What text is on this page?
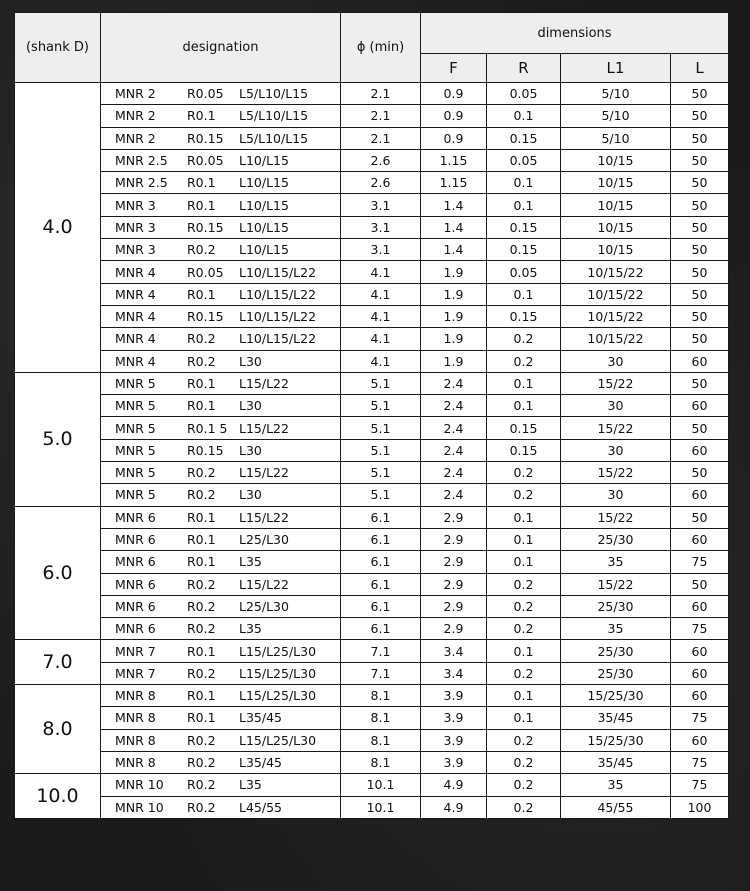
(shank D)	designation	ϕ (min)	dimensions			
			F	R	L1	L
4.0	MNR 2 R0.05 L5/L10/L15	2.1	0.9	0.05	5/10	50
	MNR 2 R0.1 L5/L10/L15	2.1	0.9	0.1	5/10	50
	MNR 2 R0.15 L5/L10/L15	2.1	0.9	0.15	5/10	50
	MNR 2.5 R0.05 L10/L15	2.6	1.15	0.05	10/15	50
	MNR 2.5 R0.1 L10/L15	2.6	1.15	0.1	10/15	50
	MNR 3 R0.1 L10/L15	3.1	1.4	0.1	10/15	50
	MNR 3 R0.15 L10/L15	3.1	1.4	0.15	10/15	50
	MNR 3 R0.2 L10/L15	3.1	1.4	0.15	10/15	50
	MNR 4 R0.05 L10/L15/L22	4.1	1.9	0.05	10/15/22	50
	MNR 4 R0.1 L10/L15/L22	4.1	1.9	0.1	10/15/22	50
	MNR 4 R0.15 L10/L15/L22	4.1	1.9	0.15	10/15/22	50
	MNR 4 R0.2 L10/L15/L22	4.1	1.9	0.2	10/15/22	50
	MNR 4 R0.2 L30	4.1	1.9	0.2	30	60
5.0	MNR 5 R0.1 L15/L22	5.1	2.4	0.1	15/22	50
	MNR 5 R0.1 L30	5.1	2.4	0.1	30	60
	MNR 5 R0.1 5 L15/L22	5.1	2.4	0.15	15/22	50
	MNR 5 R0.15 L30	5.1	2.4	0.15	30	60
	MNR 5 R0.2 L15/L22	5.1	2.4	0.2	15/22	50
	MNR 5 R0.2 L30	5.1	2.4	0.2	30	60
6.0	MNR 6 R0.1 L15/L22	6.1	2.9	0.1	15/22	50
	MNR 6 R0.1 L25/L30	6.1	2.9	0.1	25/30	60
	MNR 6 R0.1 L35	6.1	2.9	0.1	35	75
	MNR 6 R0.2 L15/L22	6.1	2.9	0.2	15/22	50
	MNR 6 R0.2 L25/L30	6.1	2.9	0.2	25/30	60
	MNR 6 R0.2 L35	6.1	2.9	0.2	35	75
7.0	MNR 7 R0.1 L15/L25/L30	7.1	3.4	0.1	25/30	60
	MNR 7 R0.2 L15/L25/L30	7.1	3.4	0.2	25/30	60
8.0	MNR 8 R0.1 L15/L25/L30	8.1	3.9	0.1	15/25/30	60
	MNR 8 R0.1 L35/45	8.1	3.9	0.1	35/45	75
	MNR 8 R0.2 L15/L25/L30	8.1	3.9	0.2	15/25/30	60
	MNR 8 R0.2 L35/45	8.1	3.9	0.2	35/45	75
10.0	MNR 10 R0.2 L35	10.1	4.9	0.2	35	75
	MNR 10 R0.2 L45/55	10.1	4.9	0.2	45/55	100
